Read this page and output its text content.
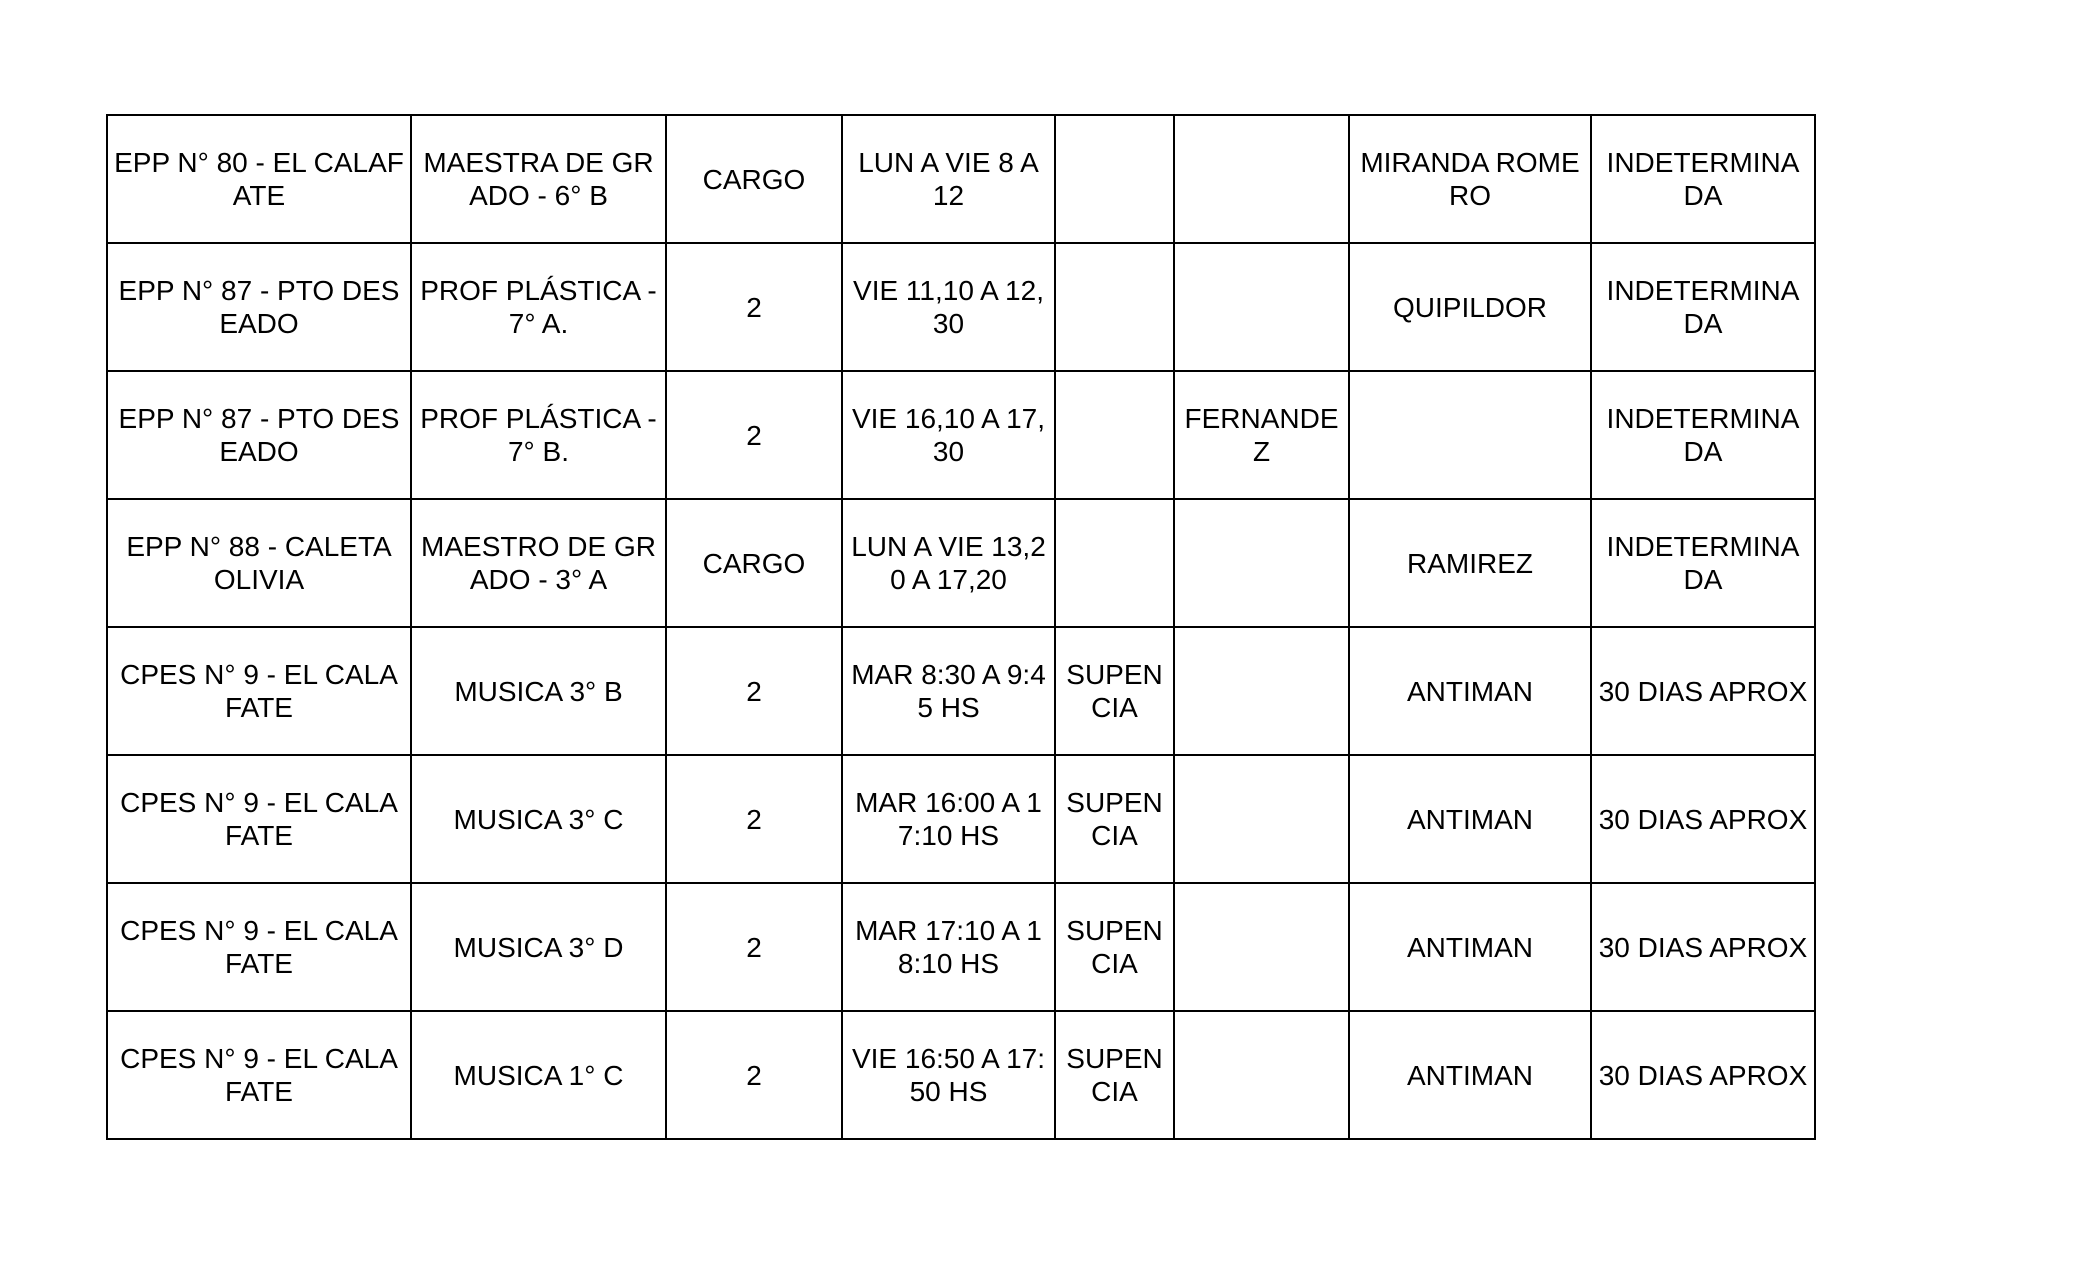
EPP N° 80 - EL CALAFATE	MAESTRA DE GRADO - 6° B	CARGO	LUN A VIE 8 A 12			MIRANDA ROMERO	INDETERMINADA
EPP N° 87 - PTO DESEADO	PROF PLÁSTICA - 7° A.	2	VIE 11,10 A 12,30			QUIPILDOR	INDETERMINADA
EPP N° 87 - PTO DESEADO	PROF PLÁSTICA - 7° B.	2	VIE 16,10 A 17,30		FERNANDEZ		INDETERMINADA
EPP N° 88 - CALETA OLIVIA	MAESTRO DE GRADO - 3° A	CARGO	LUN A VIE 13,20 A 17,20			RAMIREZ	INDETERMINADA
CPES N° 9 - EL CALAFATE	MUSICA 3° B	2	MAR 8:30 A 9:45 HS	SUPENCIA		ANTIMAN	30 DIAS APROX
CPES N° 9 - EL CALAFATE	MUSICA 3° C	2	MAR 16:00 A 17:10 HS	SUPENCIA		ANTIMAN	30 DIAS APROX
CPES N° 9 - EL CALAFATE	MUSICA 3° D	2	MAR 17:10 A 18:10 HS	SUPENCIA		ANTIMAN	30 DIAS APROX
CPES N° 9 - EL CALAFATE	MUSICA 1° C	2	VIE 16:50 A 17:50 HS	SUPENCIA		ANTIMAN	30 DIAS APROX
